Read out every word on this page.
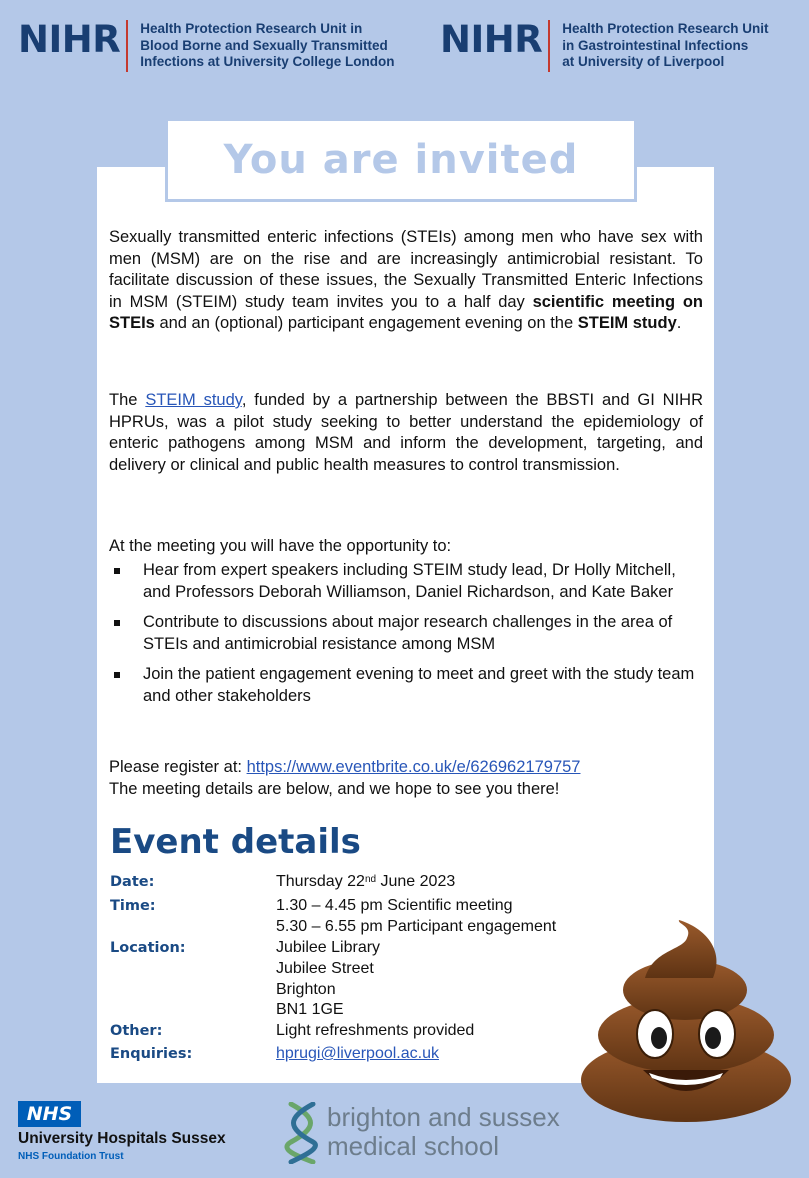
NIHR Health Protection Research Unit in
Blood Borne and Sexually Transmitted
Infections at University College London
NIHR Health Protection Research Unit
in Gastrointestinal Infections
at University of Liverpool
You are invited

Sexually transmitted enteric infections (STEIs) among men who have sex with men (MSM) are on the rise and are increasingly antimicrobial resistant. To facilitate discussion of these issues, the Sexually Transmitted Enteric Infections in MSM (STEIM) study team invites you to a half day scientific meeting on STEIs and an (optional) participant engagement evening on the STEIM study.

The STEIM study, funded by a partnership between the BBSTI and GI NIHR HPRUs, was a pilot study seeking to better understand the epidemiology of enteric pathogens among MSM and inform the development, targeting, and delivery or clinical and public health measures to control transmission.

At the meeting you will have the opportunity to:

Hear from expert speakers including STEIM study lead, Dr Holly Mitchell, and Professors Deborah Williamson, Daniel Richardson, and Kate Baker
Contribute to discussions about major research challenges in the area of STEIs and antimicrobial resistance among MSM
Join the patient engagement evening to meet and greet with the study team and other stakeholders
Please register at: https://www.eventbrite.co.uk/e/626962179757
The meeting details are below, and we hope to see you there!
Event details
Date:	Thursday 22nd June 2023
Time:	1.30 – 4.45 pm Scientific meeting
5.30 – 6.55 pm Participant engagement
Location:	Jubilee Library
Jubilee Street
Brighton
BN1 1GE
Other:	Light refreshments provided
Enquiries:	hprugi@liverpool.ac.uk
NHS
University Hospitals Sussex
NHS Foundation Trust
brighton and sussex
medical school
